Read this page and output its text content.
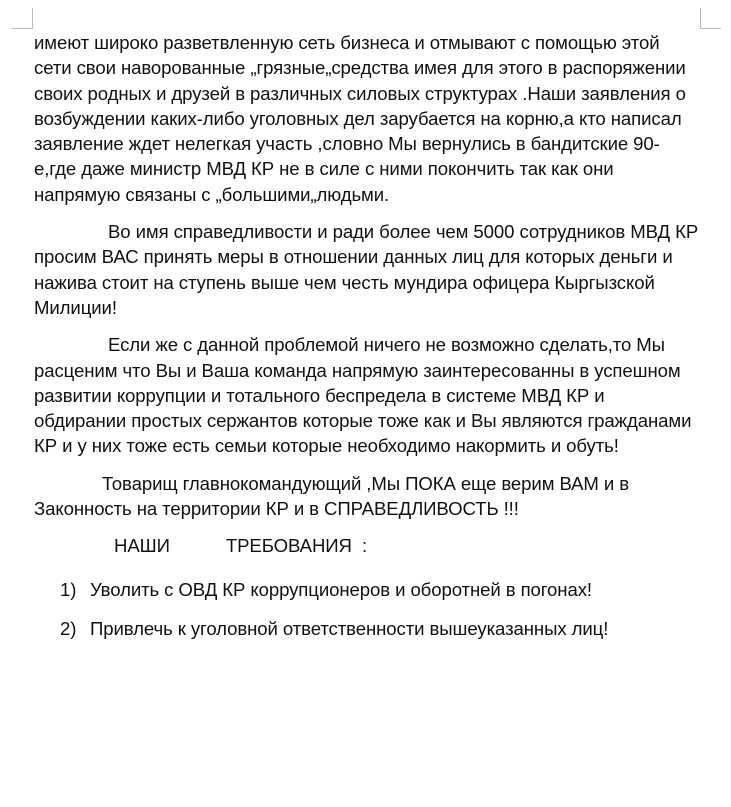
имеют широко разветвленную сеть бизнеса и отмывают с помощью этой сети свои наворованные „грязные„средства имея для этого в распоряжении своих родных и друзей в различных силовых структурах .Наши заявления о возбуждении каких-либо уголовных дел зарубается на корню,а кто написал заявление ждет нелегкая участь ,словно Мы вернулись в бандитские 90-е,где даже министр МВД КР не в силе с ними покончить так как они напрямую связаны с „большими„людьми.

Во имя справедливости и ради более чем 5000 сотрудников МВД КР просим ВАС принять меры в отношении данных лиц для которых деньги и нажива стоит на ступень выше чем честь мундира офицера Кыргызской Милиции!

Если же с данной проблемой ничего не возможно сделать,то Мы расценим что Вы и Ваша команда напрямую заинтересованны в успешном развитии коррупции и тотального беспредела в системе МВД КР и обдирании простых сержантов которые тоже как и Вы являются гражданами КР и у них тоже есть семьи которые необходимо накормить и обуть!

Товарищ главнокомандующий ,Мы ПОКА еще верим ВАМ и в Законность на территории КР и в СПРАВЕДЛИВОСТЬ !!!

НАШИ	ТРЕБОВАНИЯ  :

1) Уволить с ОВД КР коррупционеров и оборотней в погонах!
2) Привлечь к уголовной ответственности вышеуказанных лиц!
